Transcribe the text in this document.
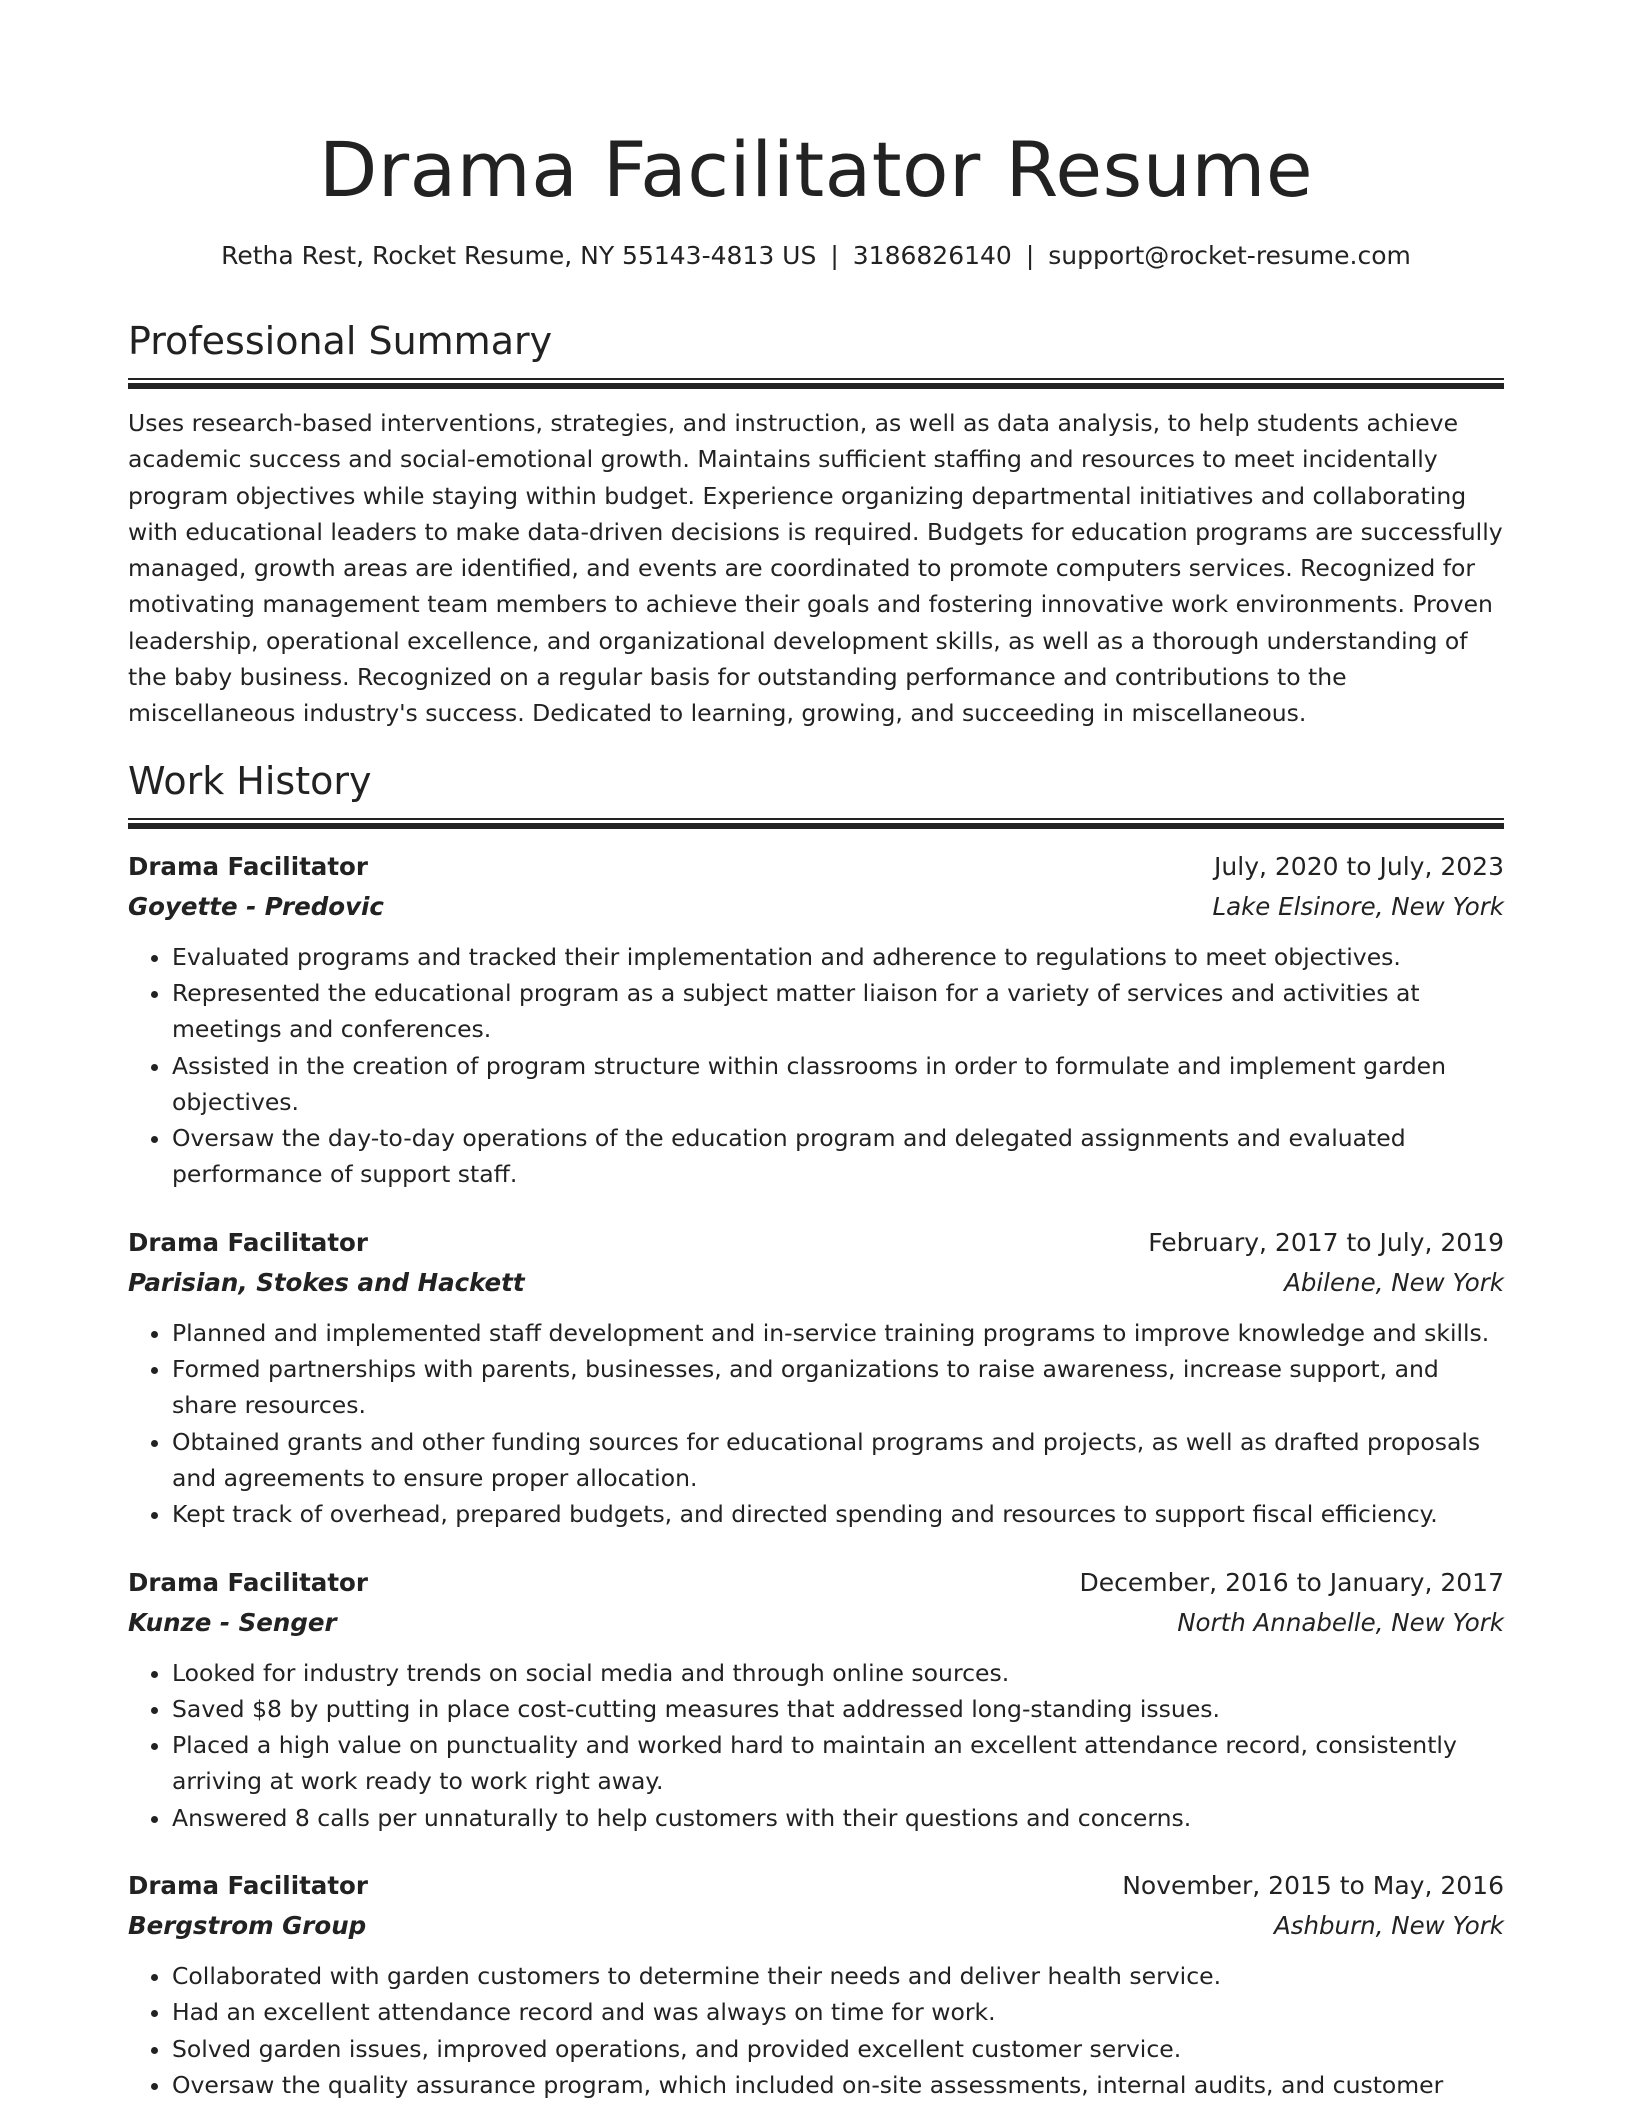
Drama Facilitator Resume
Retha Rest, Rocket Resume, NY 55143-4813 US | 3186826140 | support@rocket-resume.com
Professional Summary

Uses research-based interventions, strategies, and instruction, as well as data analysis, to help students achieve academic success and social-emotional growth. Maintains sufficient staffing and resources to meet incidentally program objectives while staying within budget. Experience organizing departmental initiatives and collaborating with educational leaders to make data-driven decisions is required. Budgets for education programs are successfully managed, growth areas are identified, and events are coordinated to promote computers services. Recognized for motivating management team members to achieve their goals and fostering innovative work environments. Proven leadership, operational excellence, and organizational development skills, as well as a thorough understanding of the baby business. Recognized on a regular basis for outstanding performance and contributions to the miscellaneous industry's success. Dedicated to learning, growing, and succeeding in miscellaneous.

Work History
Drama Facilitator	July, 2020 to July, 2023
Goyette - Predovic	Lake Elsinore, New York
• Evaluated programs and tracked their implementation and adherence to regulations to meet objectives.
• Represented the educational program as a subject matter liaison for a variety of services and activities at meetings and conferences.
• Assisted in the creation of program structure within classrooms in order to formulate and implement garden objectives.
• Oversaw the day-to-day operations of the education program and delegated assignments and evaluated performance of support staff.
Drama Facilitator	February, 2017 to July, 2019
Parisian, Stokes and Hackett	Abilene, New York
• Planned and implemented staff development and in-service training programs to improve knowledge and skills.
• Formed partnerships with parents, businesses, and organizations to raise awareness, increase support, and share resources.
• Obtained grants and other funding sources for educational programs and projects, as well as drafted proposals and agreements to ensure proper allocation.
• Kept track of overhead, prepared budgets, and directed spending and resources to support fiscal efficiency.
Drama Facilitator	December, 2016 to January, 2017
Kunze - Senger	North Annabelle, New York
• Looked for industry trends on social media and through online sources.
• Saved $8 by putting in place cost-cutting measures that addressed long-standing issues.
• Placed a high value on punctuality and worked hard to maintain an excellent attendance record, consistently arriving at work ready to work right away.
• Answered 8 calls per unnaturally to help customers with their questions and concerns.
Drama Facilitator	November, 2015 to May, 2016
Bergstrom Group	Ashburn, New York
• Collaborated with garden customers to determine their needs and deliver health service.
• Had an excellent attendance record and was always on time for work.
• Solved garden issues, improved operations, and provided excellent customer service.
• Oversaw the quality assurance program, which included on-site assessments, internal audits, and customer
